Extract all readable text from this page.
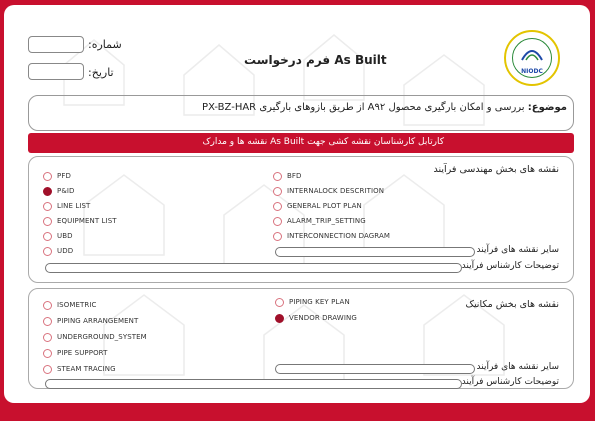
:شماره
:تاریخ
فرم درخواست As Built
NIODC
موضوع: بررسی و امکان بارگیری محصول A۹۲ از طریق بازوهای بارگیری PX-BZ-HAR
کارتابل کارشناسان نقشه کشی جهت As Built نقشه ها و مدارک
نقشه های بخش مهندسی فرآیند
PFD
P&ID
LINE LIST
EQUIPMENT LIST
UBD
UDD
BFD
INTERNALOCK DESCRITION
GENERAL PLOT PLAN
ALARM_TRIP_SETTING
INTERCONNECTION DAGRAM
سایر نقشه های فرآیند
توضیحات کارشناس فرآیند
نقشه های بخش مکانیک
ISOMETRIC
PIPING ARRANGEMENT
UNDERGROUND_SYSTEM
PIPE SUPPORT
STEAM TRACING
PIPING KEY PLAN
VENDOR DRAWING
سایر نقشه های فرآیند
توضیحات کارشناس فرآیند
